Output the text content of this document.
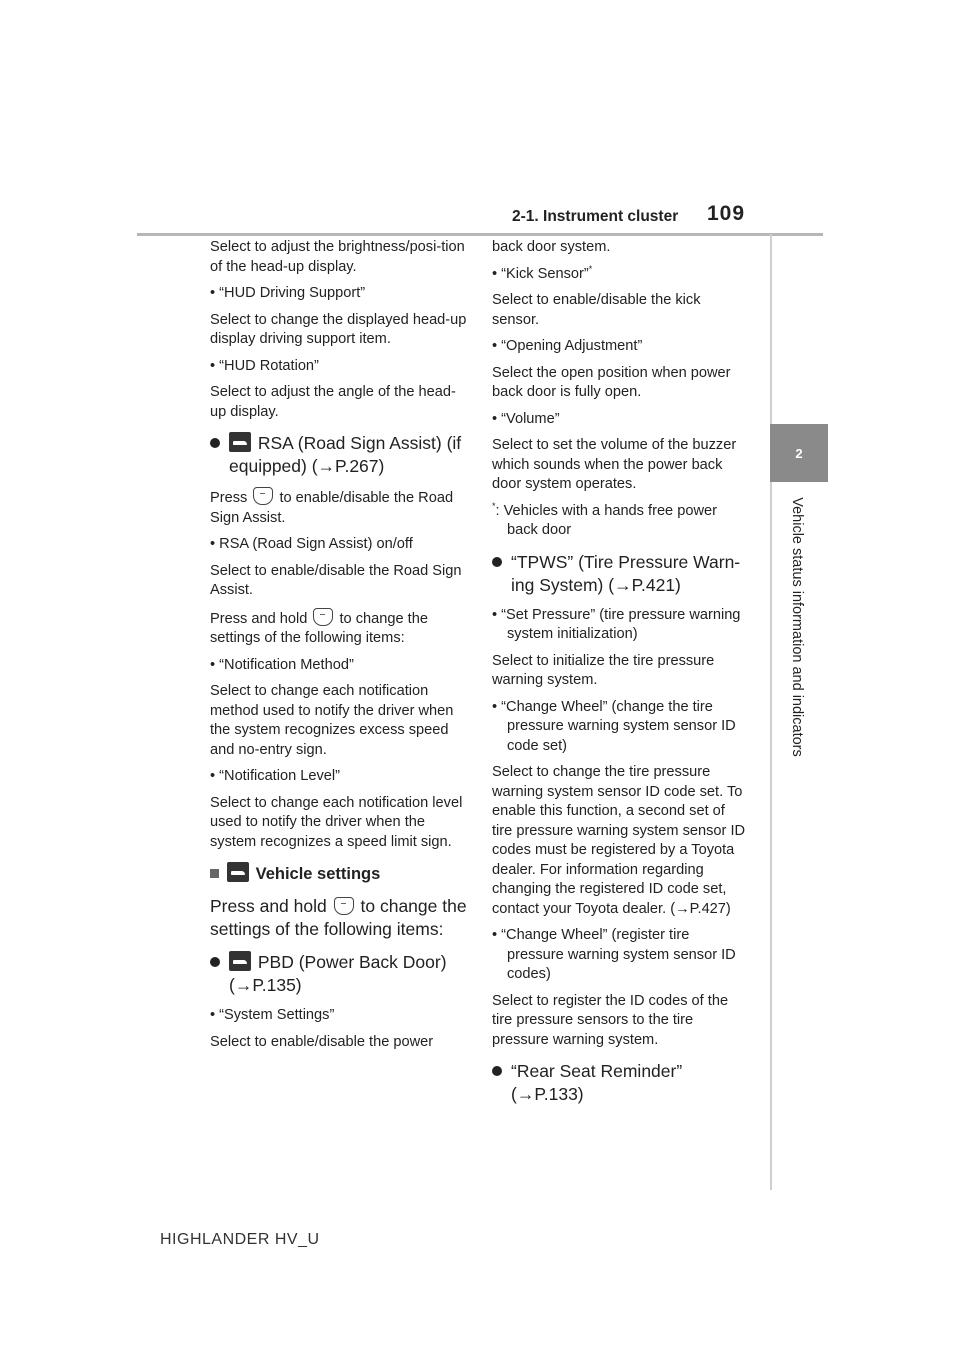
2-1. Instrument cluster 109
2
Vehicle status information and indicators

Select to adjust the brightness/posi-tion of the head-up display.

• “HUD Driving Support”

Select to change the displayed head-up display driving support item.

• “HUD Rotation”

Select to adjust the angle of the head-up display.

RSA (Road Sign Assist) (if
equipped) (→P.267)

Press to enable/disable the Road Sign Assist.

• RSA (Road Sign Assist) on/off

Select to enable/disable the Road Sign Assist.

Press and hold to change the settings of the following items:

• “Notification Method”

Select to change each notification method used to notify the driver when the system recognizes excess speed and no-entry sign.

• “Notification Level”

Select to change each notification level used to notify the driver when the system recognizes a speed limit sign.

Vehicle settings

Press and hold to change the settings of the following items:

PBD (Power Back Door)
(→P.135)

• “System Settings”

Select to enable/disable the power

back door system.

• “Kick Sensor”*

Select to enable/disable the kick sensor.

• “Opening Adjustment”

Select the open position when power back door is fully open.

• “Volume”

Select to set the volume of the buzzer which sounds when the power back door system operates.

*: Vehicles with a hands free power back door

“TPWS” (Tire Pressure Warn-
ing System) (→P.421)

• “Set Pressure” (tire pressure warning system initialization)

Select to initialize the tire pressure warning system.

• “Change Wheel” (change the tire pressure warning system sensor ID code set)

Select to change the tire pressure warning system sensor ID code set. To enable this function, a second set of tire pressure warning system sensor ID codes must be registered by a Toyota dealer. For information regarding changing the registered ID code set, contact your Toyota dealer. (→P.427)

• “Change Wheel” (register tire pressure warning system sensor ID codes)

Select to register the ID codes of the tire pressure sensors to the tire pressure warning system.

“Rear Seat Reminder”
(→P.133)
HIGHLANDER HV_U
